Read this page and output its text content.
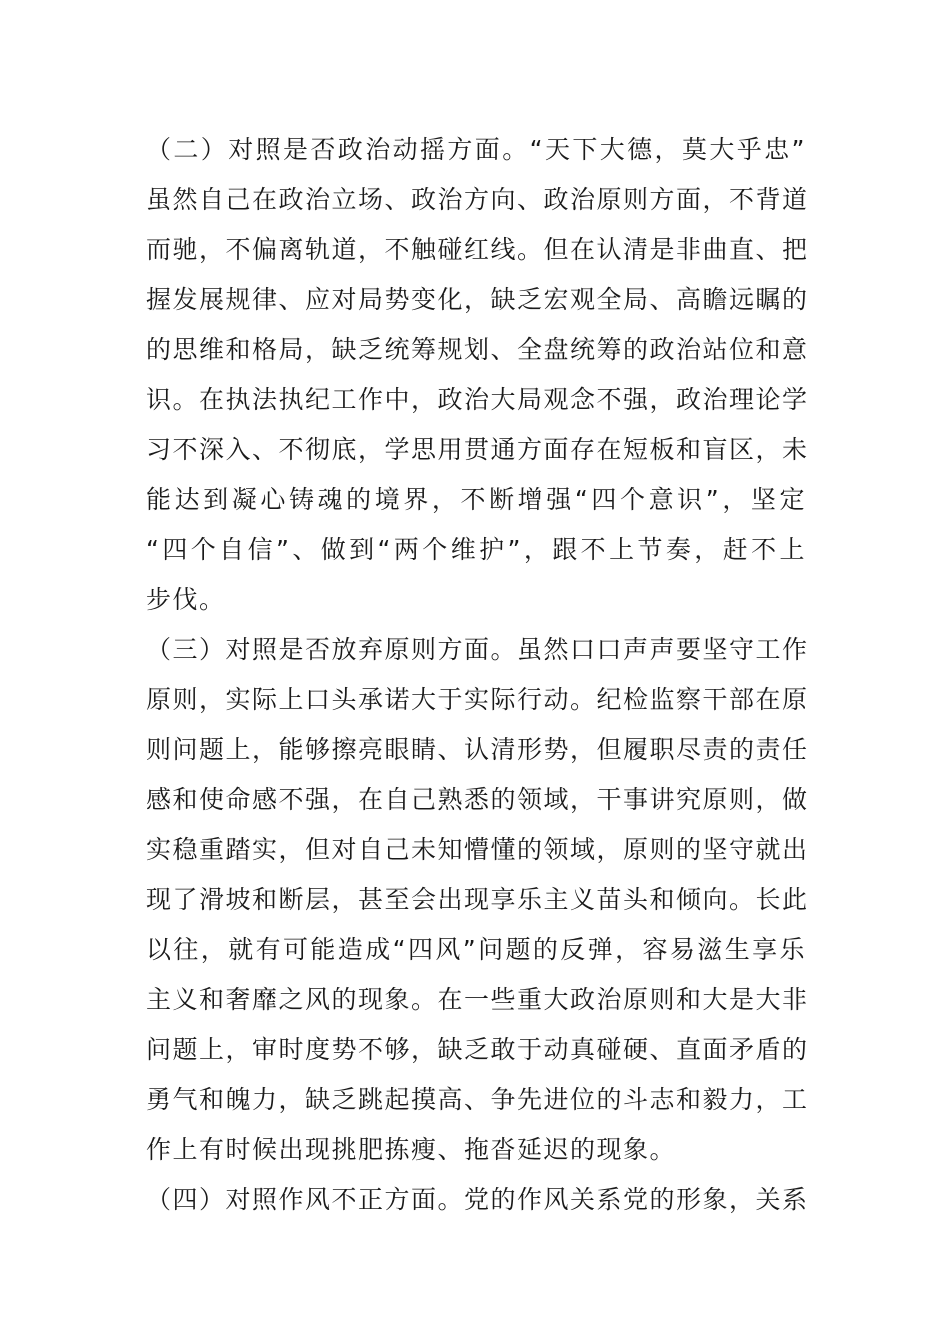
（二）对照是否政治动摇方面。“天下大德，莫大乎忠”
虽然自己在政治立场、政治方向、政治原则方面，不背道
而驰，不偏离轨道，不触碰红线。但在认清是非曲直、把
握发展规律、应对局势变化，缺乏宏观全局、高瞻远瞩的
的思维和格局，缺乏统筹规划、全盘统筹的政治站位和意
识。在执法执纪工作中，政治大局观念不强，政治理论学
习不深入、不彻底，学思用贯通方面存在短板和盲区，未
能达到凝心铸魂的境界，不断增强“四个意识”，坚定
“四个自信”、做到“两个维护”，跟不上节奏，赶不上
步伐。
（三）对照是否放弃原则方面。虽然口口声声要坚守工作
原则，实际上口头承诺大于实际行动。纪检监察干部在原
则问题上，能够擦亮眼睛、认清形势，但履职尽责的责任
感和使命感不强，在自己熟悉的领域，干事讲究原则，做
实稳重踏实，但对自己未知懵懂的领域，原则的坚守就出
现了滑坡和断层，甚至会出现享乐主义苗头和倾向。长此
以往，就有可能造成“四风”问题的反弹，容易滋生享乐
主义和奢靡之风的现象。在一些重大政治原则和大是大非
问题上，审时度势不够，缺乏敢于动真碰硬、直面矛盾的
勇气和魄力，缺乏跳起摸高、争先进位的斗志和毅力，工
作上有时候出现挑肥拣瘦、拖沓延迟的现象。
（四）对照作风不正方面。党的作风关系党的形象，关系
